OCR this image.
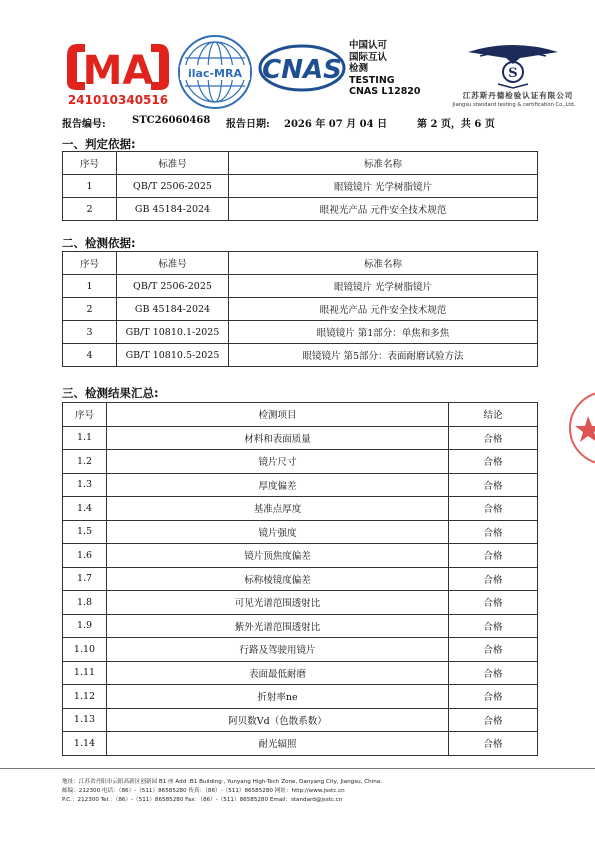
MA
241010340516
ilac-MRA CNAS
中国认可
国际互认
检测
TESTING
CNAS L12820
S
江苏斯丹德检验认证有限公司
Jiangsu standard testing & certification Co.,Ltd.
报告编号:	STC26060468 报告日期: 2026 年 07 月 04 日	第 2 页，共 6 页
一、判定依据:
序号	标准号	标准名称
1	QB/T 2506-2025	眼镜镜片 光学树脂镜片
2	GB 45184-2024	眼视光产品 元件安全技术规范
二、检测依据:
序号	标准号	标准名称
1	QB/T 2506-2025	眼镜镜片 光学树脂镜片
2	GB 45184-2024	眼视光产品 元件安全技术规范
3	GB/T 10810.1-2025	眼镜镜片 第1部分：单焦和多焦
4	GB/T 10810.5-2025	眼镜镜片 第5部分：表面耐磨试验方法
三、检测结果汇总:
序号	检测项目	结论
1.1	材料和表面质量	合格
1.2	镜片尺寸	合格
1.3	厚度偏差	合格
1.4	基准点厚度	合格
1.5	镜片强度	合格
1.6	镜片顶焦度偏差	合格
1.7	标称棱镜度偏差	合格
1.8	可见光谱范围透射比	合格
1.9	紫外光谱范围透射比	合格
1.10	行路及驾驶用镜片	合格
1.11	表面最低耐磨	合格
1.12	折射率ne	合格
1.13	阿贝数Vd（色散系数）	合格
1.14	耐光辐照	合格
地址：江苏省丹阳市云阳高新区创新园 B1 座 Add :B1 Building , Yunyang High-Tech Zone, Danyang City, Jiangsu, China.
邮编：212300 电话：（86）-（511）86585280 传真：（86）-（511）86585280 网址：http://www.jsstc.cn
P.C.：212300 Tel.：（86）-（511）86585280 Fax：（86）-（511）86585280 Email：standard@jsstc.cn
